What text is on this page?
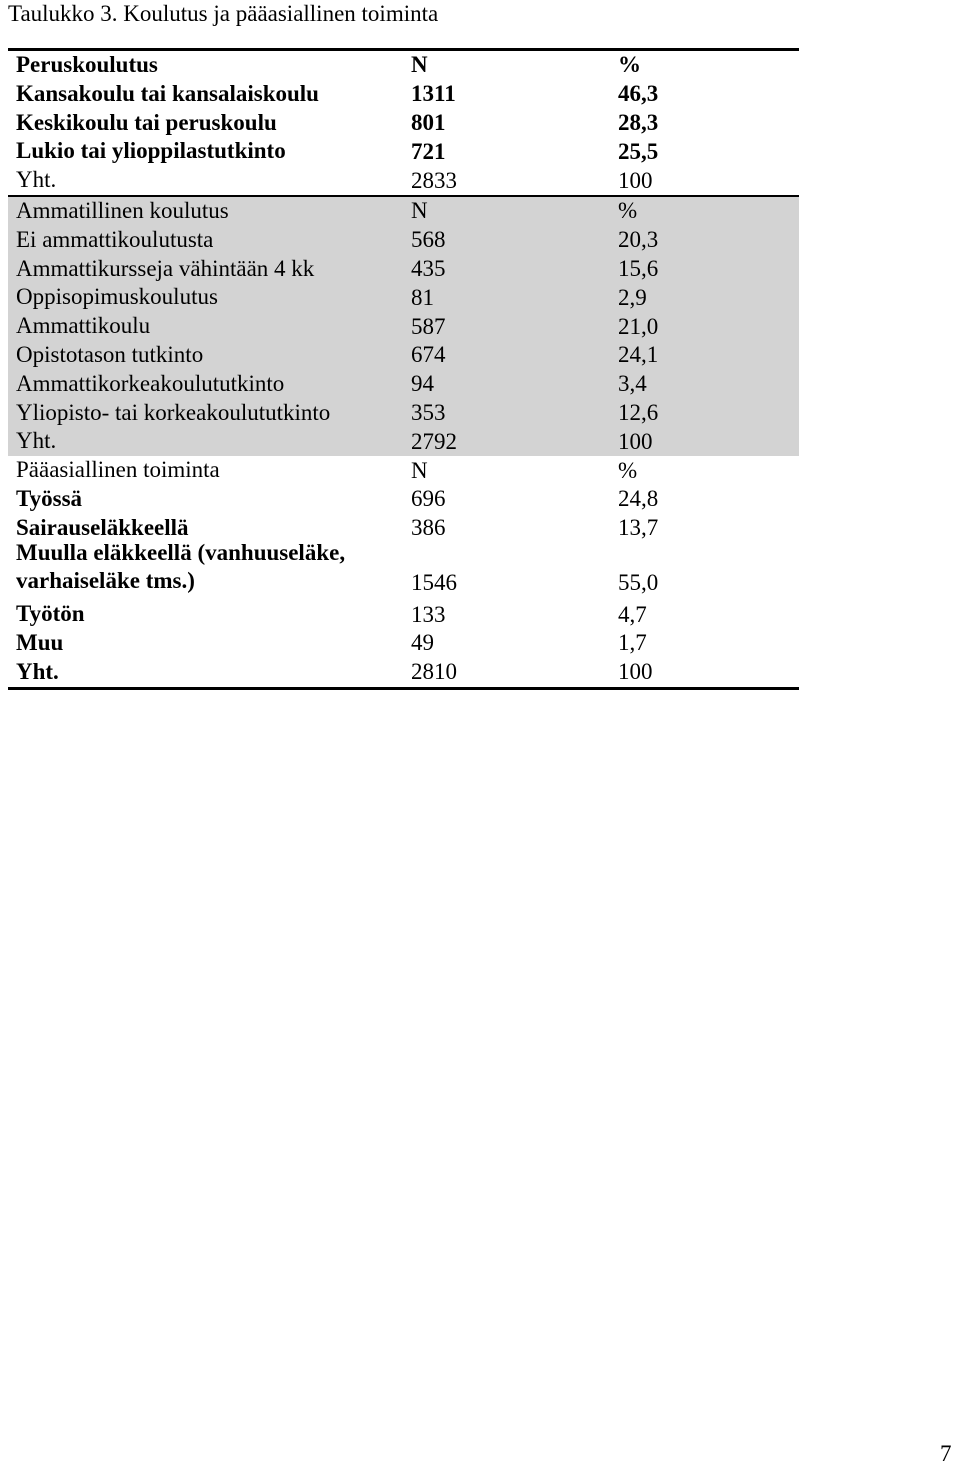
Taulukko 3. Koulutus ja pääasiallinen toiminta
Peruskoulutus	N	%
Kansakoulu tai kansalaiskoulu	1311	46,3
Keskikoulu tai peruskoulu	801	28,3
Lukio tai ylioppilastutkinto	721	25,5
Yht.	2833	100
Ammatillinen koulutus	N	%
Ei ammattikoulutusta	568	20,3
Ammattikursseja vähintään 4 kk	435	15,6
Oppisopimuskoulutus	81	2,9
Ammattikoulu	587	21,0
Opistotason tutkinto	674	24,1
Ammattikorkeakoulututkinto	94	3,4
Yliopisto- tai korkeakoulututkinto	353	12,6
Yht.	2792	100
Pääasiallinen toiminta	N	%
Työssä	696	24,8
Sairauseläkkeellä	386	13,7
Muulla eläkkeellä (vanhuuseläke,
varhaiseläke tms.)	1546	55,0
Työtön	133	4,7
Muu	49	1,7
Yht.	2810	100
7
